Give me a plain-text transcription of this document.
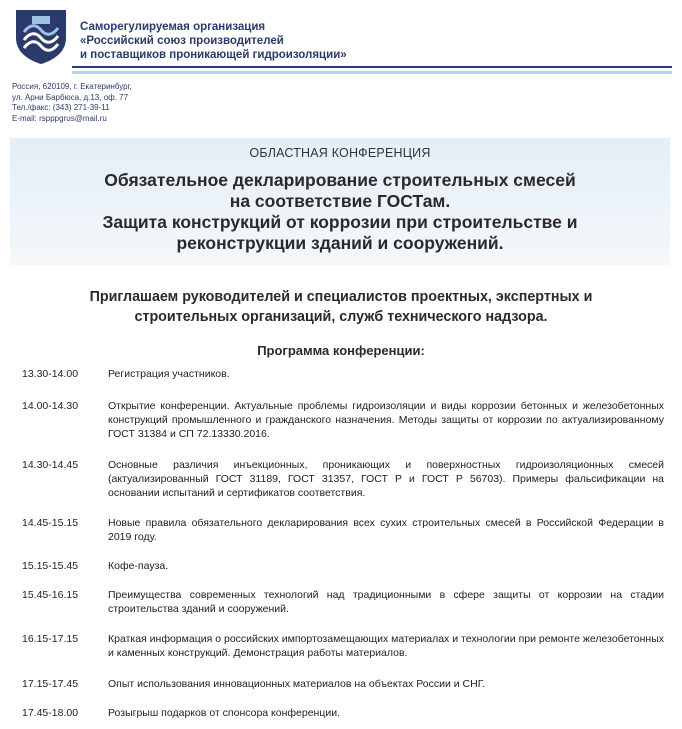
Саморегулируемая организация
«Российский союз производителей
и поставщиков проникающей гидроизоляции»
Россия, 620109, г. Екатеринбург,
ул. Арни Барбюса, д.13, оф. 77
Тел./факс: (343) 271-39-11
E-mail: rspppgrus@mail.ru
ОБЛАСТНАЯ КОНФЕРЕНЦИЯ
Обязательное декларирование строительных смесей
на соответствие ГОСТам.
Защита конструкций от коррозии при строительстве и
реконструкции зданий и сооружений.
Приглашаем руководителей и специалистов проектных, экспертных и
строительных организаций, служб технического надзора.
Программа конференции:
13.30-14.00	Регистрация участников.
14.00-14.30	Открытие конференции. Актуальные проблемы гидроизоляции и виды коррозии бетонных и железобетонных конструкций промышленного и гражданского назначения. Методы защиты от коррозии по актуализированному ГОСТ 31384 и СП 72.13330.2016.
14.30-14.45	Основные различия инъекционных, проникающих и поверхностных гидроизоляционных смесей (актуализированный ГОСТ 31189, ГОСТ 31357, ГОСТ Р и ГОСТ Р 56703). Примеры фальсификации на основании испытаний и сертификатов соответствия.
14.45-15.15	Новые правила обязательного декларирования всех сухих строительных смесей в Российской Федерации в 2019 году.
15.15-15.45	Кофе-пауза.
15.45-16.15	Преимущества современных технологий над традиционными в сфере защиты от коррозии на стадии строительства зданий и сооружений.
16.15-17.15	Краткая информация о российских импортозамещающих материалах и технологии при ремонте железобетонных и каменных конструкций. Демонстрация работы материалов.
17.15-17.45	Опыт использования инновационных материалов на объектах России и СНГ.
17.45-18.00	Розыгрыш подарков от спонсора конференции.
